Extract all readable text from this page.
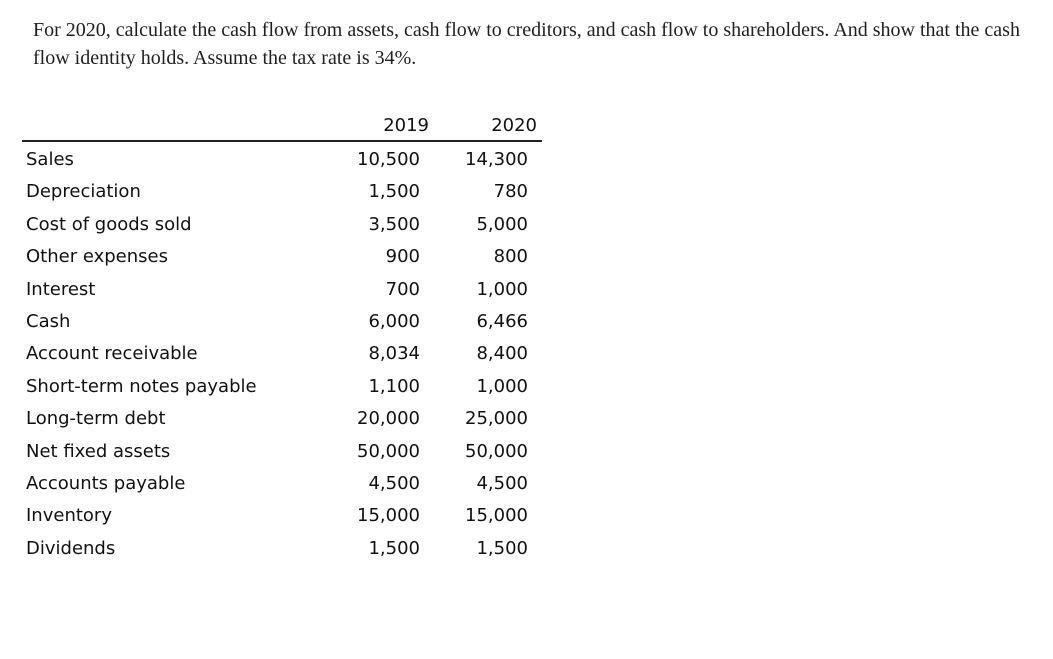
For 2020, calculate the cash flow from assets, cash flow to creditors, and cash flow to shareholders. And show that the cash flow identity holds. Assume the tax rate is 34%.

2019	2020
Sales	10,500	14,300
Depreciation	1,500	780
Cost of goods sold	3,500	5,000
Other expenses	900	800
Interest	700	1,000
Cash	6,000	6,466
Account receivable	8,034	8,400
Short-term notes payable	1,100	1,000
Long-term debt	20,000	25,000
Net fixed assets	50,000	50,000
Accounts payable	4,500	4,500
Inventory	15,000	15,000
Dividends	1,500	1,500
